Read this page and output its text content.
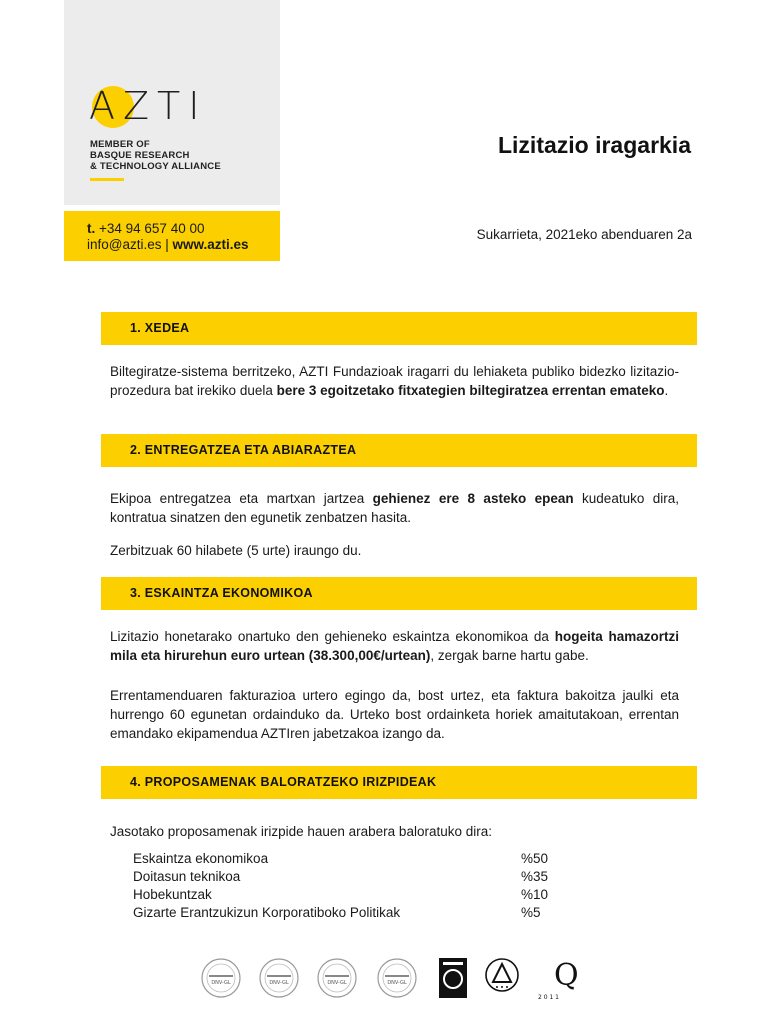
AZTI
MEMBER OF
BASQUE RESEARCH
& TECHNOLOGY ALLIANCE
t. +34 94 657 40 00
info@azti.es | www.azti.es
Lizitazio iragarkia
Sukarrieta, 2021eko abenduaren 2a
1. XEDEA
Biltegiratze-sistema berritzeko, AZTI Fundazioak iragarri du lehiaketa publiko bidezko lizitazio-prozedura bat irekiko duela bere 3 egoitzetako fitxategien biltegiratzea errentan emateko.
2. ENTREGATZEA ETA ABIARAZTEA
Ekipoa entregatzea eta martxan jartzea gehienez ere 8 asteko epean kudeatuko dira, kontratua sinatzen den egunetik zenbatzen hasita.
Zerbitzuak 60 hilabete (5 urte) iraungo du.
3. ESKAINTZA EKONOMIKOA
Lizitazio honetarako onartuko den gehieneko eskaintza ekonomikoa da hogeita hamazortzi mila eta hirurehun euro urtean (38.300,00€/urtean), zergak barne hartu gabe.
Errentamenduaren fakturazioa urtero egingo da, bost urtez, eta faktura bakoitza jaulki eta hurrengo 60 egunetan ordainduko da. Urteko bost ordainketa horiek amaitutakoan, errentan emandako ekipamendua AZTIren jabetzakoa izango da.
4. PROPOSAMENAK BALORATZEKO IRIZPIDEAK
Jasotako proposamenak irizpide hauen arabera baloratuko dira:
Eskaintza ekonomikoa	%50
Doitasun teknikoa	%35
Hobekuntzak	%10
Gizarte Erantzukizun Korporatiboko Politikak	%5
DNV-GL	DNV-GL	DNV-GL	DNV-GL	Q
2 0 1 1
